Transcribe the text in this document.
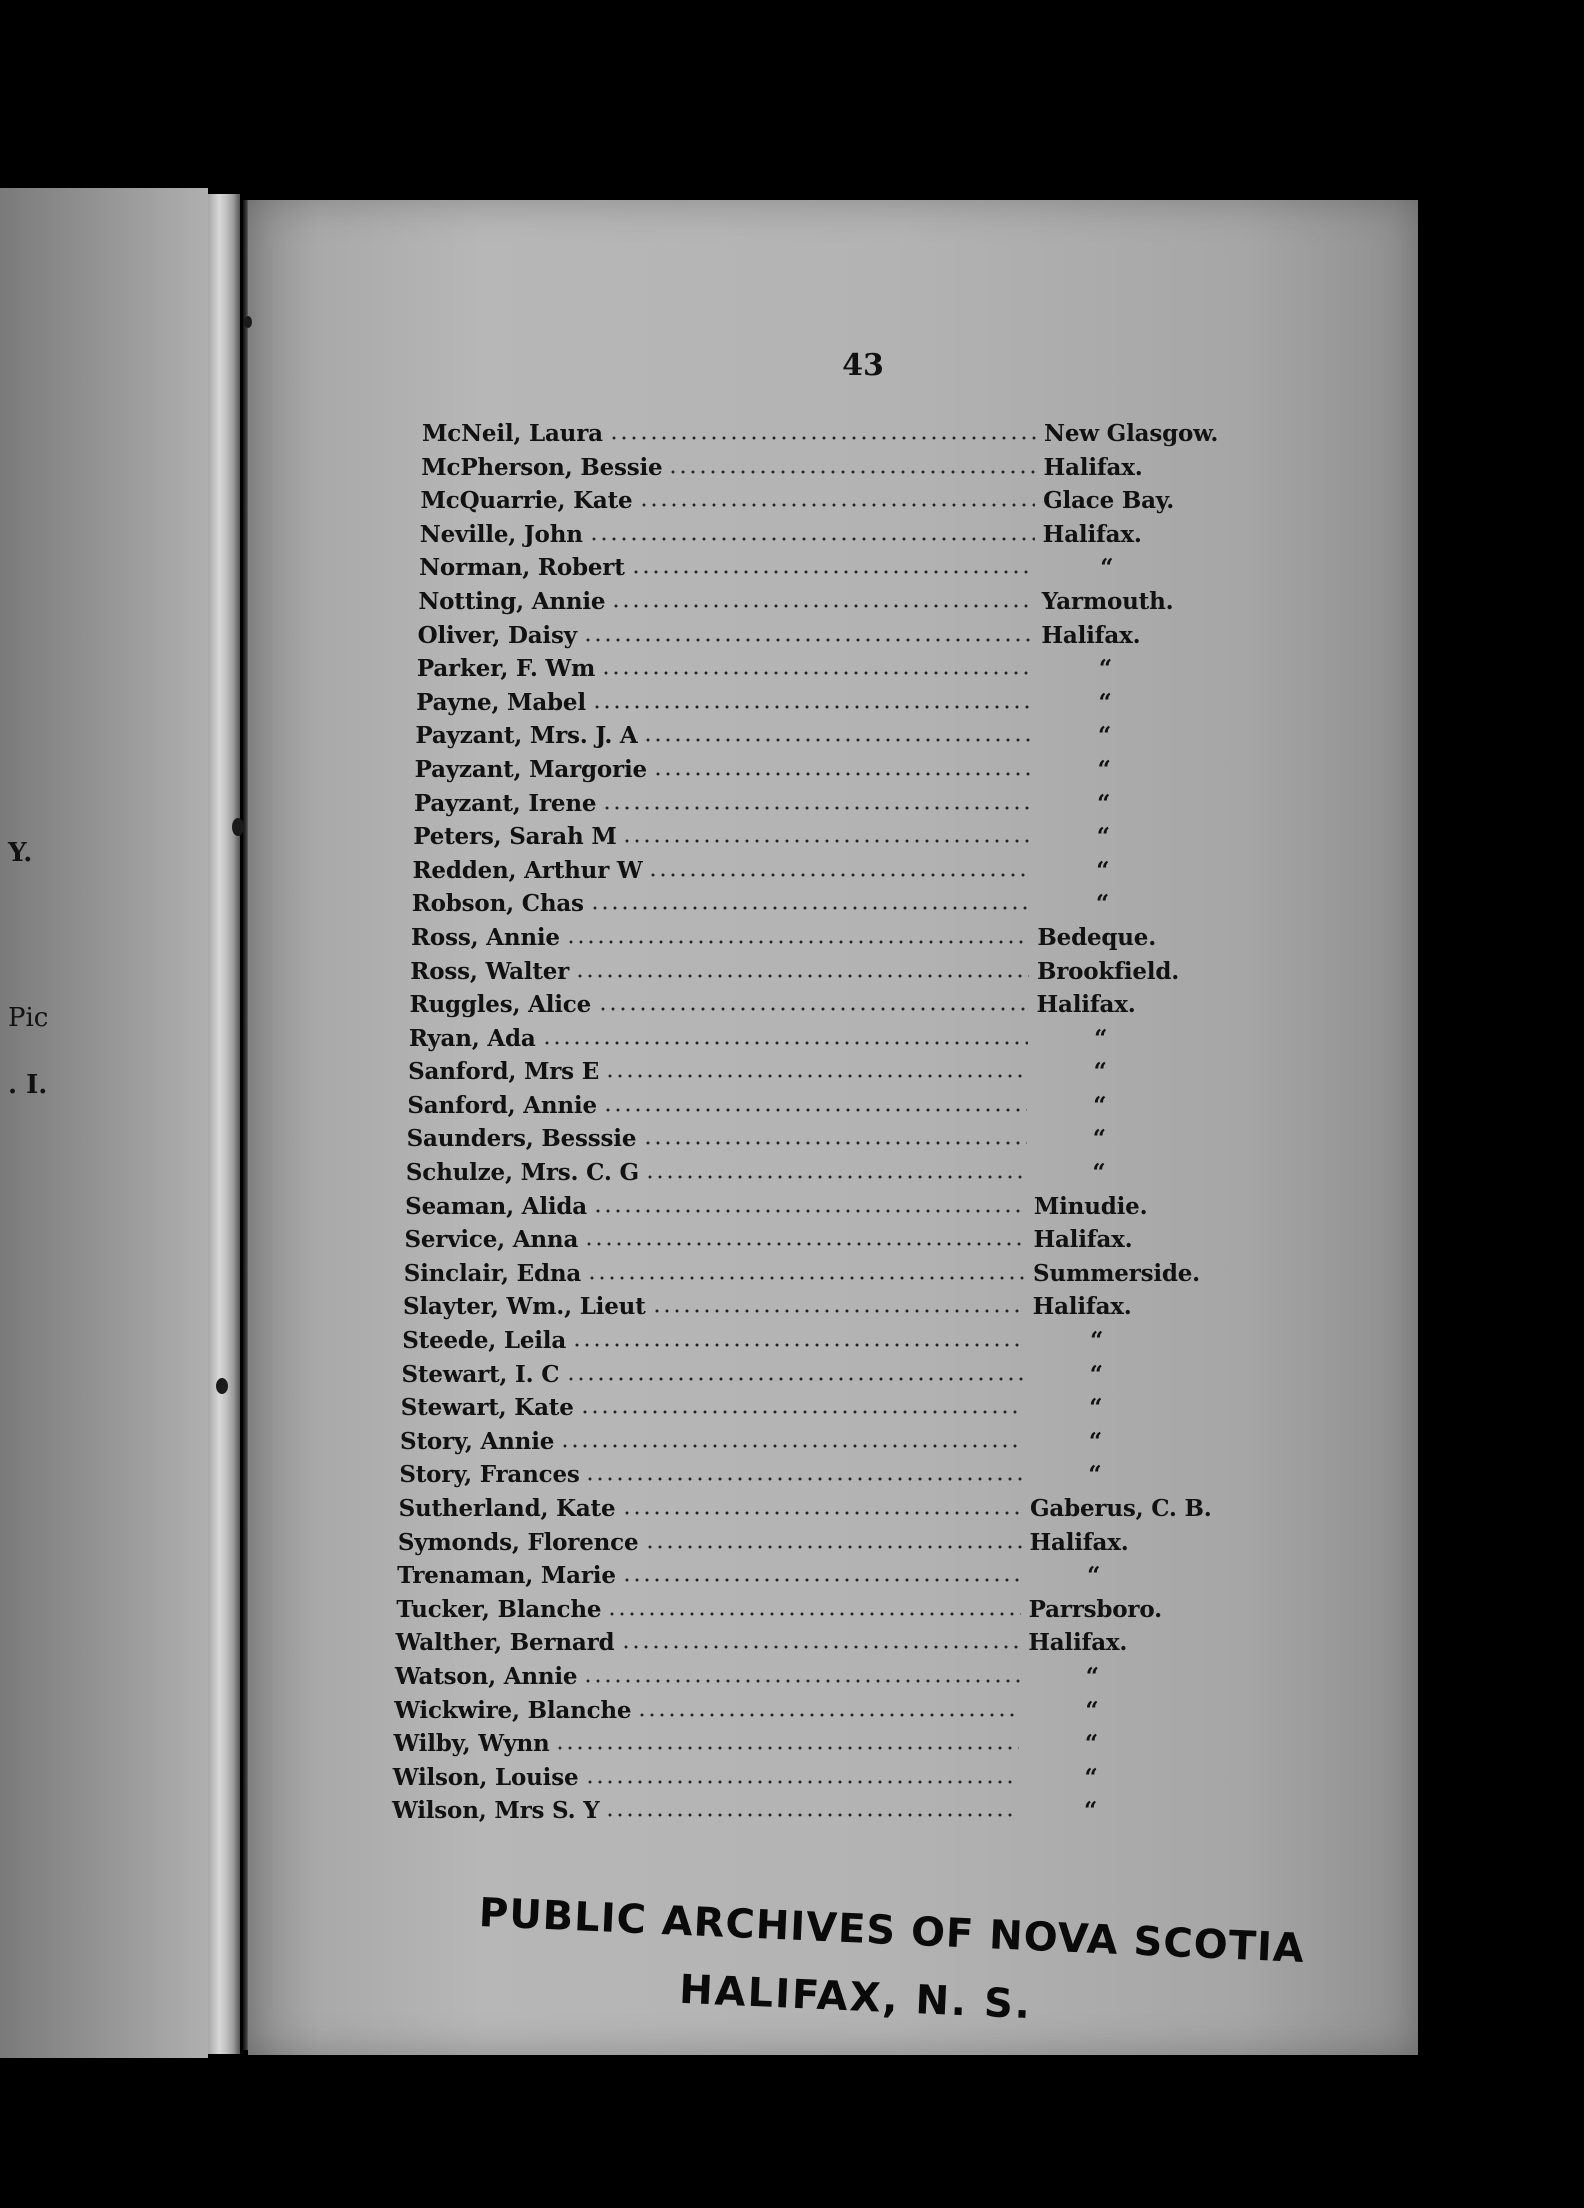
Y.
Pic
. I.
43
McNeil, Laura	New Glasgow.
McPherson, Bessie	Halifax.
McQuarrie, Kate	Glace Bay.
Neville, John	Halifax.
Norman, Robert	“
Notting, Annie	Yarmouth.
Oliver, Daisy	Halifax.
Parker, F. Wm	“
Payne, Mabel	“
Payzant, Mrs. J. A	“
Payzant, Margorie	“
Payzant, Irene	“
Peters, Sarah M	“
Redden, Arthur W	“
Robson, Chas	“
Ross, Annie	Bedeque.
Ross, Walter	Brookfield.
Ruggles, Alice	Halifax.
Ryan, Ada	“
Sanford, Mrs E	“
Sanford, Annie	“
Saunders, Besssie	“
Schulze, Mrs. C. G	“
Seaman, Alida	Minudie.
Service, Anna	Halifax.
Sinclair, Edna	Summerside.
Slayter, Wm., Lieut	Halifax.
Steede, Leila	“
Stewart, I. C	“
Stewart, Kate	“
Story, Annie	“
Story, Frances	“
Sutherland, Kate	Gaberus, C. B.
Symonds, Florence	Halifax.
Trenaman, Marie	“
Tucker, Blanche	Parrsboro.
Walther, Bernard	Halifax.
Watson, Annie	“
Wickwire, Blanche	“
Wilby, Wynn	“
Wilson, Louise	“
Wilson, Mrs S. Y	“
PUBLIC ARCHIVES OF NOVA SCOTIA
HALIFAX, N. S.
